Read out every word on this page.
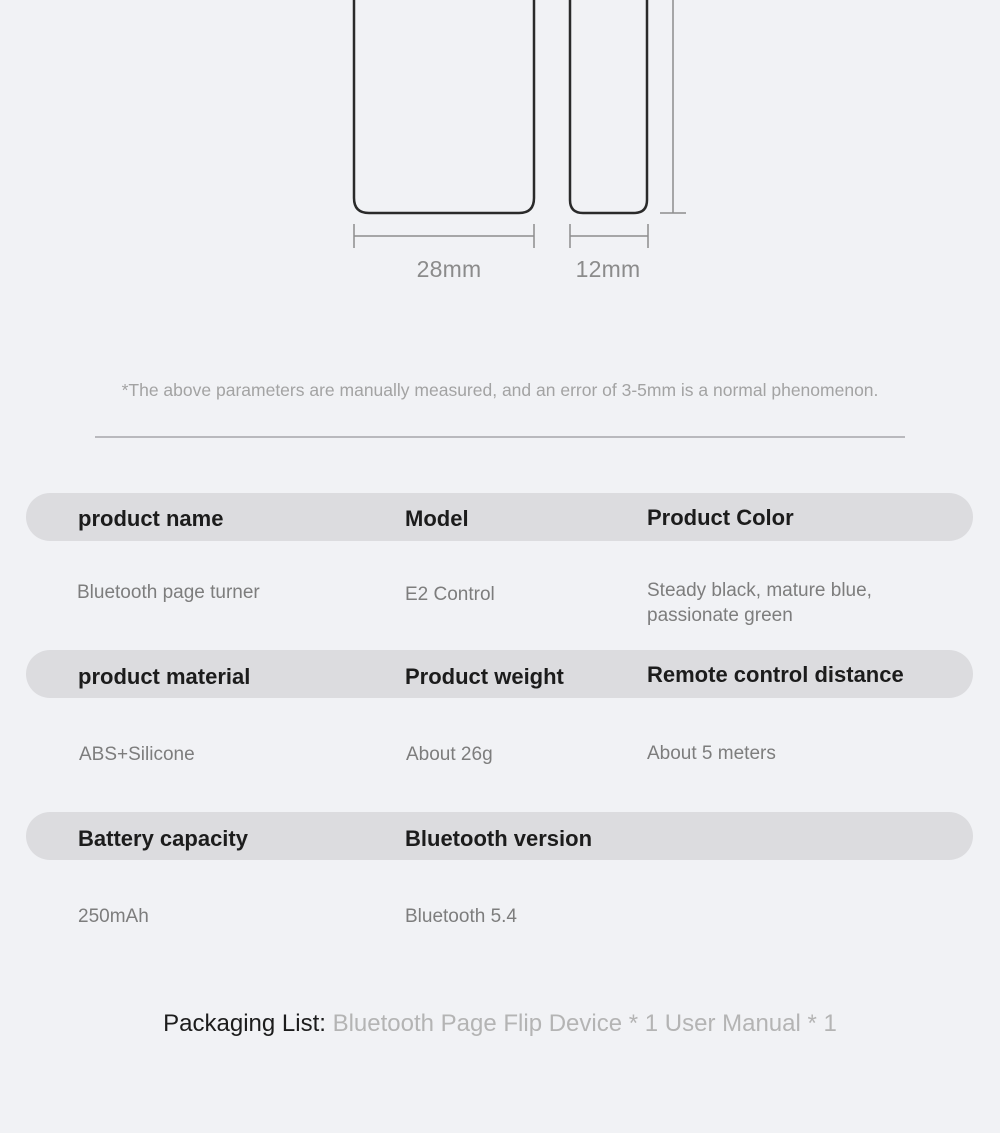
28mm	12mm
*The above parameters are manually measured, and an error of 3-5mm is a normal phenomenon.
product name	Model	Product Color
Bluetooth page turner	E2 Control	Steady black, mature blue,
passionate green
product material	Product weight	Remote control distance
ABS+Silicone	About 26g	About 5 meters
Battery capacity	Bluetooth version
250mAh	Bluetooth 5.4
Packaging List: Bluetooth Page Flip Device * 1 User Manual * 1
